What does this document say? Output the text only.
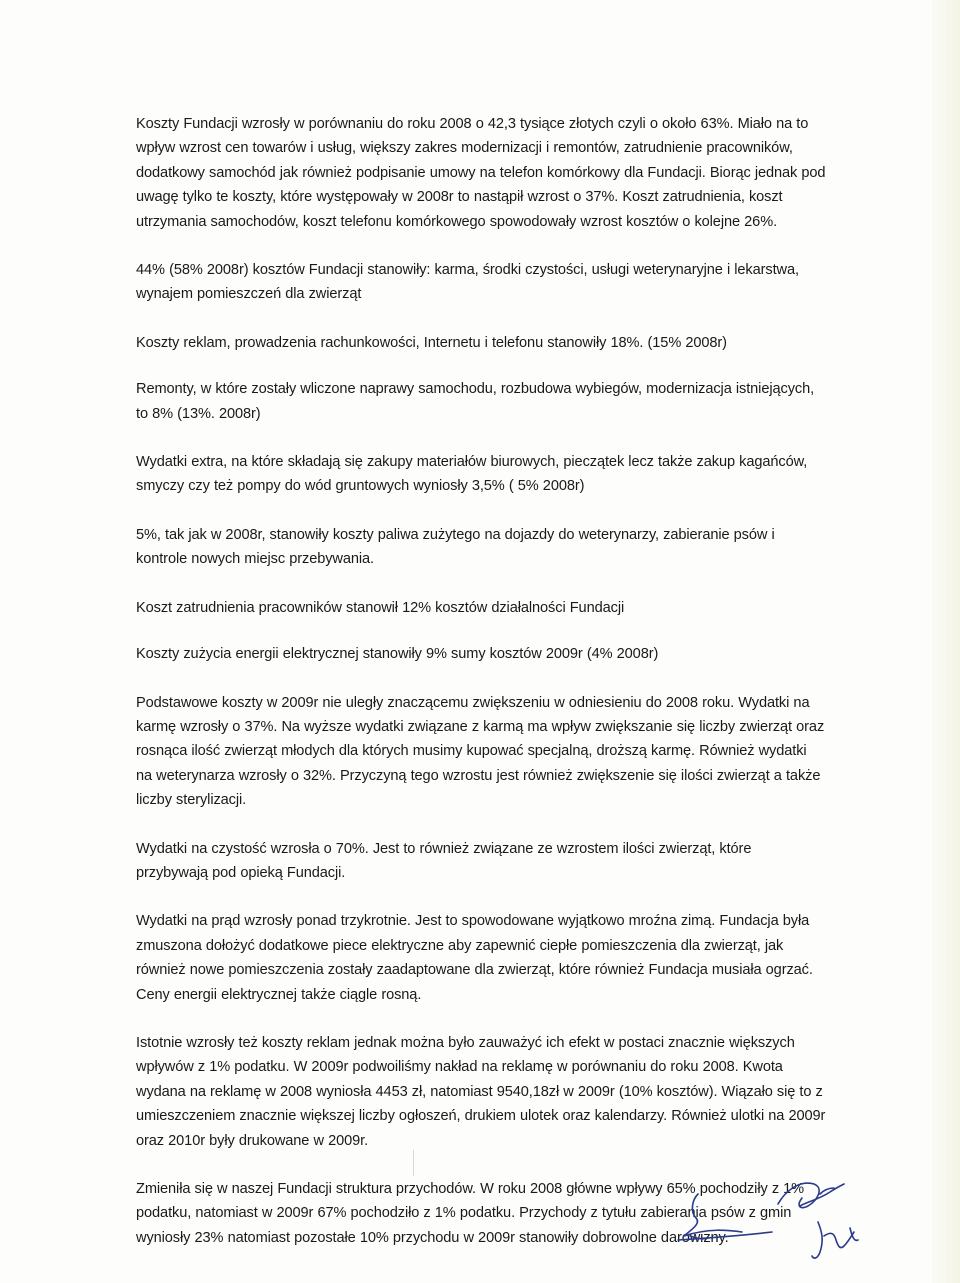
Koszty Fundacji wzrosły w porównaniu do roku 2008 o 42,3 tysiące złotych czyli o około 63%. Miało na to wpływ wzrost cen towarów i usług, większy zakres modernizacji i remontów, zatrudnienie pracowników, dodatkowy samochód jak również podpisanie umowy na telefon komórkowy dla Fundacji. Biorąc jednak pod uwagę tylko te koszty, które występowały w 2008r to nastąpił wzrost o 37%. Koszt zatrudnienia, koszt utrzymania samochodów, koszt telefonu komórkowego spowodowały wzrost kosztów o kolejne 26%.

44% (58% 2008r) kosztów Fundacji stanowiły: karma, środki czystości, usługi weterynaryjne i lekarstwa, wynajem pomieszczeń dla zwierząt

Koszty reklam, prowadzenia rachunkowości, Internetu i telefonu stanowiły 18%. (15% 2008r)

Remonty, w które zostały wliczone naprawy samochodu, rozbudowa wybiegów, modernizacja istniejących, to 8% (13%. 2008r)

Wydatki extra, na które składają się zakupy materiałów biurowych, pieczątek lecz także zakup kagańców, smyczy czy też pompy do wód gruntowych wyniosły 3,5% ( 5% 2008r)

5%, tak jak w 2008r, stanowiły koszty paliwa zużytego na dojazdy do weterynarzy, zabieranie psów i kontrole nowych miejsc przebywania.

Koszt zatrudnienia pracowników stanowił 12% kosztów działalności Fundacji

Koszty zużycia energii elektrycznej stanowiły 9% sumy kosztów 2009r (4% 2008r)

Podstawowe koszty w 2009r nie uległy znaczącemu zwiększeniu w odniesieniu do 2008 roku. Wydatki na karmę wzrosły o 37%. Na wyższe wydatki związane z karmą ma wpływ zwiększanie się liczby zwierząt oraz rosnąca ilość zwierząt młodych dla których musimy kupować specjalną, droższą karmę. Również wydatki na weterynarza wzrosły o 32%. Przyczyną tego wzrostu jest również zwiększenie się ilości zwierząt a także liczby sterylizacji.

Wydatki na czystość wzrosła o 70%. Jest to również związane ze wzrostem ilości zwierząt, które przybywają pod opieką Fundacji.

Wydatki na prąd wzrosły ponad trzykrotnie. Jest to spowodowane wyjątkowo mroźna zimą. Fundacja była zmuszona dołożyć dodatkowe piece elektryczne aby zapewnić ciepłe pomieszczenia dla zwierząt, jak również nowe pomieszczenia zostały zaadaptowane dla zwierząt, które również Fundacja musiała ogrzać. Ceny energii elektrycznej także ciągle rosną.

Istotnie wzrosły też koszty reklam jednak można było zauważyć ich efekt w postaci znacznie większych wpływów z 1% podatku. W 2009r podwoiliśmy nakład na reklamę w porównaniu do roku 2008. Kwota wydana na reklamę w 2008 wyniosła 4453 zł, natomiast 9540,18zł w 2009r (10% kosztów). Wiązało się to z umieszczeniem znacznie większej liczby ogłoszeń, drukiem ulotek oraz kalendarzy. Również ulotki na 2009r oraz 2010r były drukowane w 2009r.

Zmieniła się w naszej Fundacji struktura przychodów. W roku 2008 główne wpływy 65% pochodziły z 1% podatku, natomiast w 2009r 67% pochodziło z 1% podatku. Przychody z tytułu zabierania psów z gmin wyniosły 23% natomiast pozostałe 10% przychodu w 2009r stanowiły dobrowolne darowizny.
